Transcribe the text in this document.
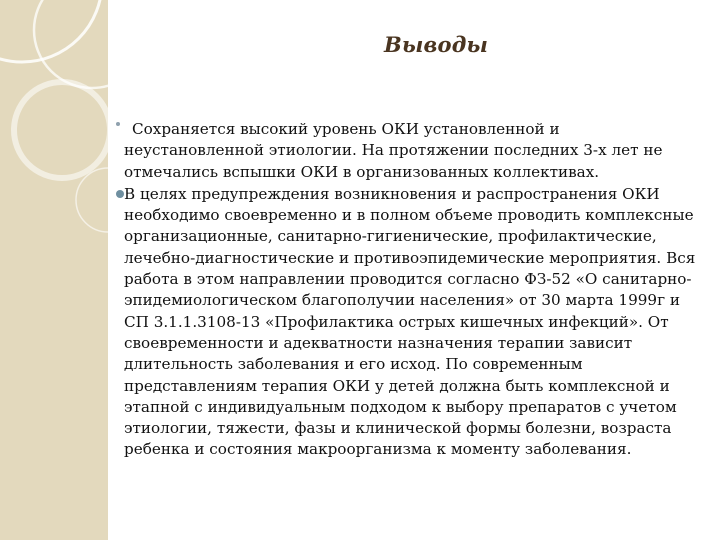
Выводы

Сохраняется высокий уровень ОКИ установленной и неустановленной этиологии. На протяжении последних 3-х лет не отмечались вспышки ОКИ в организованных коллективах.

В целях предупреждения возникновения и распространения ОКИ необходимо своевременно и в полном объеме проводить комплексные организационные, санитарно-гигиенические, профилактические, лечебно-диагностические и противоэпидемические мероприятия. Вся работа в этом направлении проводится согласно ФЗ-52 «О санитарно-эпидемиологическом благополучии населения» от 30 марта 1999г и СП 3.1.1.3108-13 «Профилактика острых кишечных инфекций». От своевременности и адекватности назначения терапии зависит длительность заболевания и его исход. По современным представлениям терапия ОКИ у детей должна быть комплексной и этапной с индивидуальным подходом к выбору препаратов с учетом этиологии, тяжести, фазы и клинической формы болезни, возраста ребенка и состояния макроорганизма к моменту заболевания.
